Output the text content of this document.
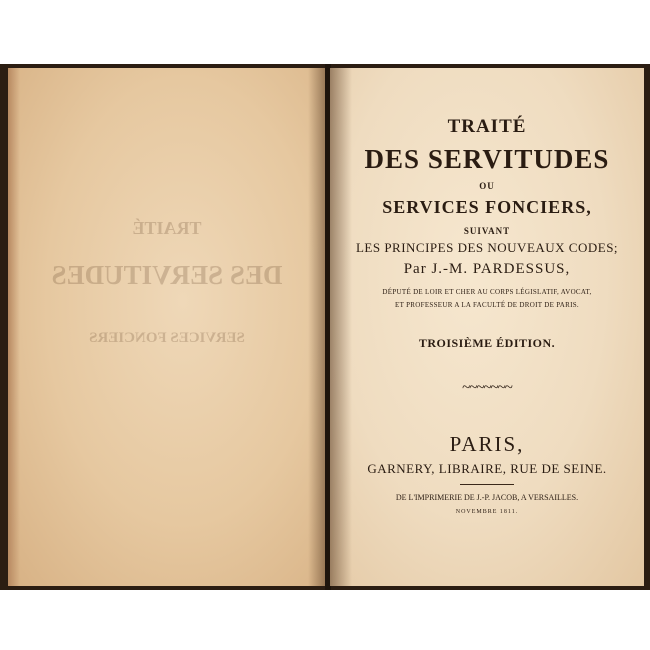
TRAITÉ
DES SERVITUDES
SERVICES FONCIERS
TRAITÉ
DES SERVITUDES
OU
SERVICES FONCIERS,
SUIVANT
LES PRINCIPES DES NOUVEAUX CODES;
Par J.-M. PARDESSUS,
DÉPUTÉ DE LOIR ET CHER AU CORPS LÉGISLATIF, AVOCAT,
ET PROFESSEUR A LA FACULTÉ DE DROIT DE PARIS.
TROISIÈME ÉDITION.
~~~~~~~
PARIS,
GARNERY, LIBRAIRE, RUE DE SEINE.
DE L'IMPRIMERIE DE J.-P. JACOB, A VERSAILLES.
NOVEMBRE 1811.
